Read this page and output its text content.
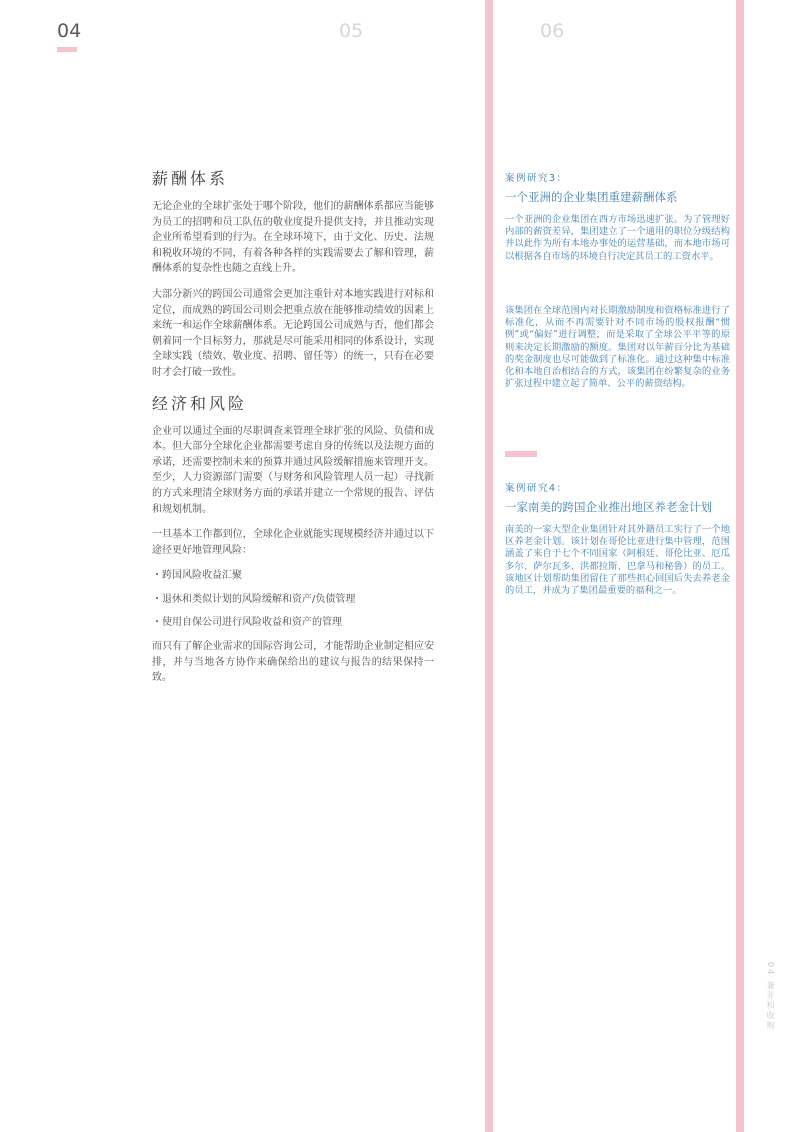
04	05	06
薪酬体系

无论企业的全球扩张处于哪个阶段，他们的薪酬体系都应当能够为员工的招聘和员工队伍的敬业度提升提供支持，并且推动实现企业所希望看到的行为。在全球环境下，由于文化、历史、法规和税收环境的不同，有着各种各样的实践需要去了解和管理，薪酬体系的复杂性也随之直线上升。

大部分新兴的跨国公司通常会更加注重针对本地实践进行对标和定位，而成熟的跨国公司则会把重点放在能够推动绩效的因素上来统一和运作全球薪酬体系。无论跨国公司成熟与否，他们都会朝着同一个目标努力，那就是尽可能采用相同的体系设计，实现全球实践（绩效、敬业度、招聘、留任等）的统一，只有在必要时才会打破一致性。

经济和风险

企业可以通过全面的尽职调查来管理全球扩张的风险、负债和成本。但大部分全球化企业都需要考虑自身的传统以及法规方面的承诺，还需要控制未来的预算并通过风险缓解措施来管理开支。至少，人力资源部门需要（与财务和风险管理人员一起）寻找新的方式来理清全球财务方面的承诺并建立一个常规的报告、评估和规划机制。

一旦基本工作都到位，全球化企业就能实现规模经济并通过以下途径更好地管理风险：

・跨国风险收益汇聚

・退休和类似计划的风险缓解和资产/负债管理

・使用自保公司进行风险收益和资产的管理

而只有了解企业需求的国际咨询公司，才能帮助企业制定相应安排，并与当地各方协作来确保给出的建议与报告的结果保持一致。

案例研究3：

一个亚洲的企业集团重建薪酬体系

一个亚洲的企业集团在西方市场迅速扩张。为了管理好内部的薪资差异，集团建立了一个通用的职位分级结构并以此作为所有本地办事处的运营基础，而本地市场可以根据各自市场的环境自行决定其员工的工资水平。

该集团在全球范围内对长期激励制度和资格标准进行了标准化，从而不再需要针对不同市场的股权报酬“惯例”或“偏好”进行调整，而是采取了全球公平平等的原则来决定长期激励的额度。集团对以年薪百分比为基础的奖金制度也尽可能做到了标准化。通过这种集中标准化和本地自治相结合的方式，该集团在纷繁复杂的业务扩张过程中建立起了简单、公平的薪资结构。

案例研究4：

一家南美的跨国企业推出地区养老金计划

南美的一家大型企业集团针对其外籍员工实行了一个地区养老金计划。该计划在哥伦比亚进行集中管理，范围涵盖了来自于七个不同国家（阿根廷、哥伦比亚、厄瓜多尔、萨尔瓦多、洪都拉斯、巴拿马和秘鲁）的员工。该地区计划帮助集团留住了那些担心回国后失去养老金的员工，并成为了集团最重要的福利之一。

04 兼并和收购
